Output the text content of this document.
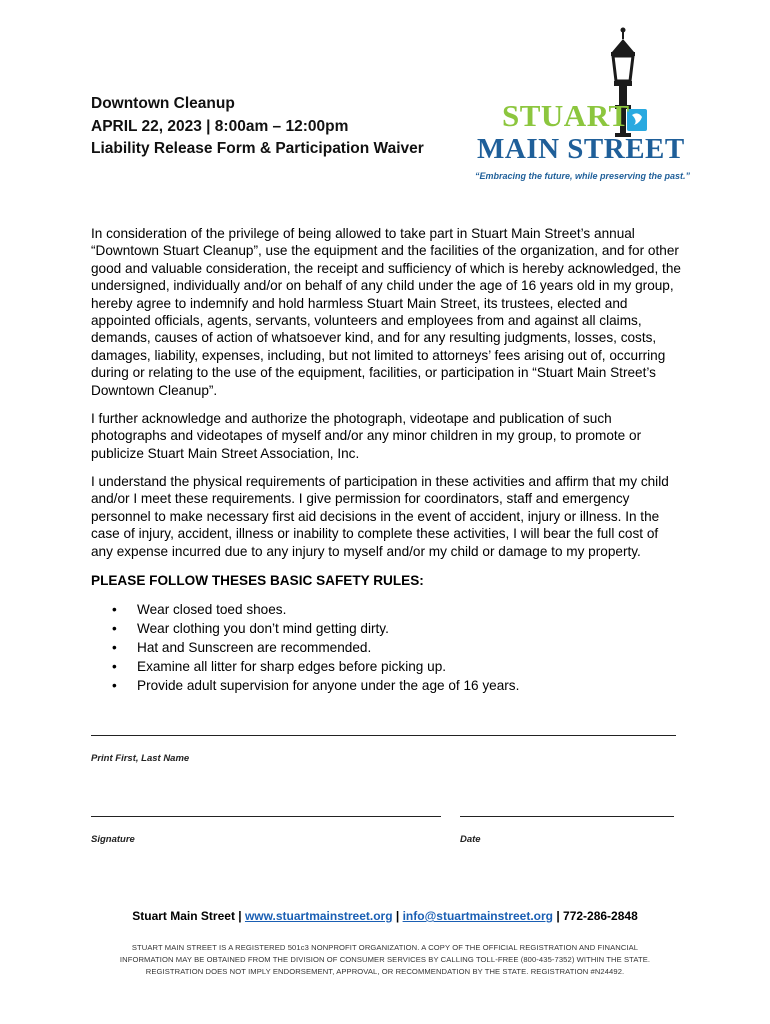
Downtown Cleanup
APRIL 22, 2023 | 8:00am – 12:00pm
Liability Release Form & Participation Waiver
STUART
MAIN STREET
“Embracing the future, while preserving the past.”
In consideration of the privilege of being allowed to take part in Stuart Main Street’s annual “Downtown Stuart Cleanup”, use the equipment and the facilities of the organization, and for other good and valuable consideration, the receipt and sufficiency of which is hereby acknowledged, the undersigned, individually and/or on behalf of any child under the age of 16 years old in my group, hereby agree to indemnify and hold harmless Stuart Main Street, its trustees, elected and appointed officials, agents, servants, volunteers and employees from and against all claims, demands, causes of action of whatsoever kind, and for any resulting judgments, losses, costs, damages, liability, expenses, including, but not limited to attorneys’ fees arising out of, occurring during or relating to the use of the equipment, facilities, or participation in “Stuart Main Street’s Downtown Cleanup”.
I further acknowledge and authorize the photograph, videotape and publication of such photographs and videotapes of myself and/or any minor children in my group, to promote or publicize Stuart Main Street Association, Inc.
I understand the physical requirements of participation in these activities and affirm that my child and/or I meet these requirements. I give permission for coordinators, staff and emergency personnel to make necessary first aid decisions in the event of accident, injury or illness. In the case of injury, accident, illness or inability to complete these activities, I will bear the full cost of any expense incurred due to any injury to myself and/or my child or damage to my property.
PLEASE FOLLOW THESES BASIC SAFETY RULES:
• Wear closed toed shoes.
• Wear clothing you don’t mind getting dirty.
• Hat and Sunscreen are recommended.
• Examine all litter for sharp edges before picking up.
• Provide adult supervision for anyone under the age of 16 years.
Print First, Last Name
Signature	Date
Stuart Main Street | www.stuartmainstreet.org | info@stuartmainstreet.org | 772-286-2848
STUART MAIN STREET IS A REGISTERED 501c3 NONPROFIT ORGANIZATION. A COPY OF THE OFFICIAL REGISTRATION AND FINANCIAL
INFORMATION MAY BE OBTAINED FROM THE DIVISION OF CONSUMER SERVICES BY CALLING TOLL-FREE (800-435-7352) WITHIN THE STATE.
REGISTRATION DOES NOT IMPLY ENDORSEMENT, APPROVAL, OR RECOMMENDATION BY THE STATE. REGISTRATION #N24492.
